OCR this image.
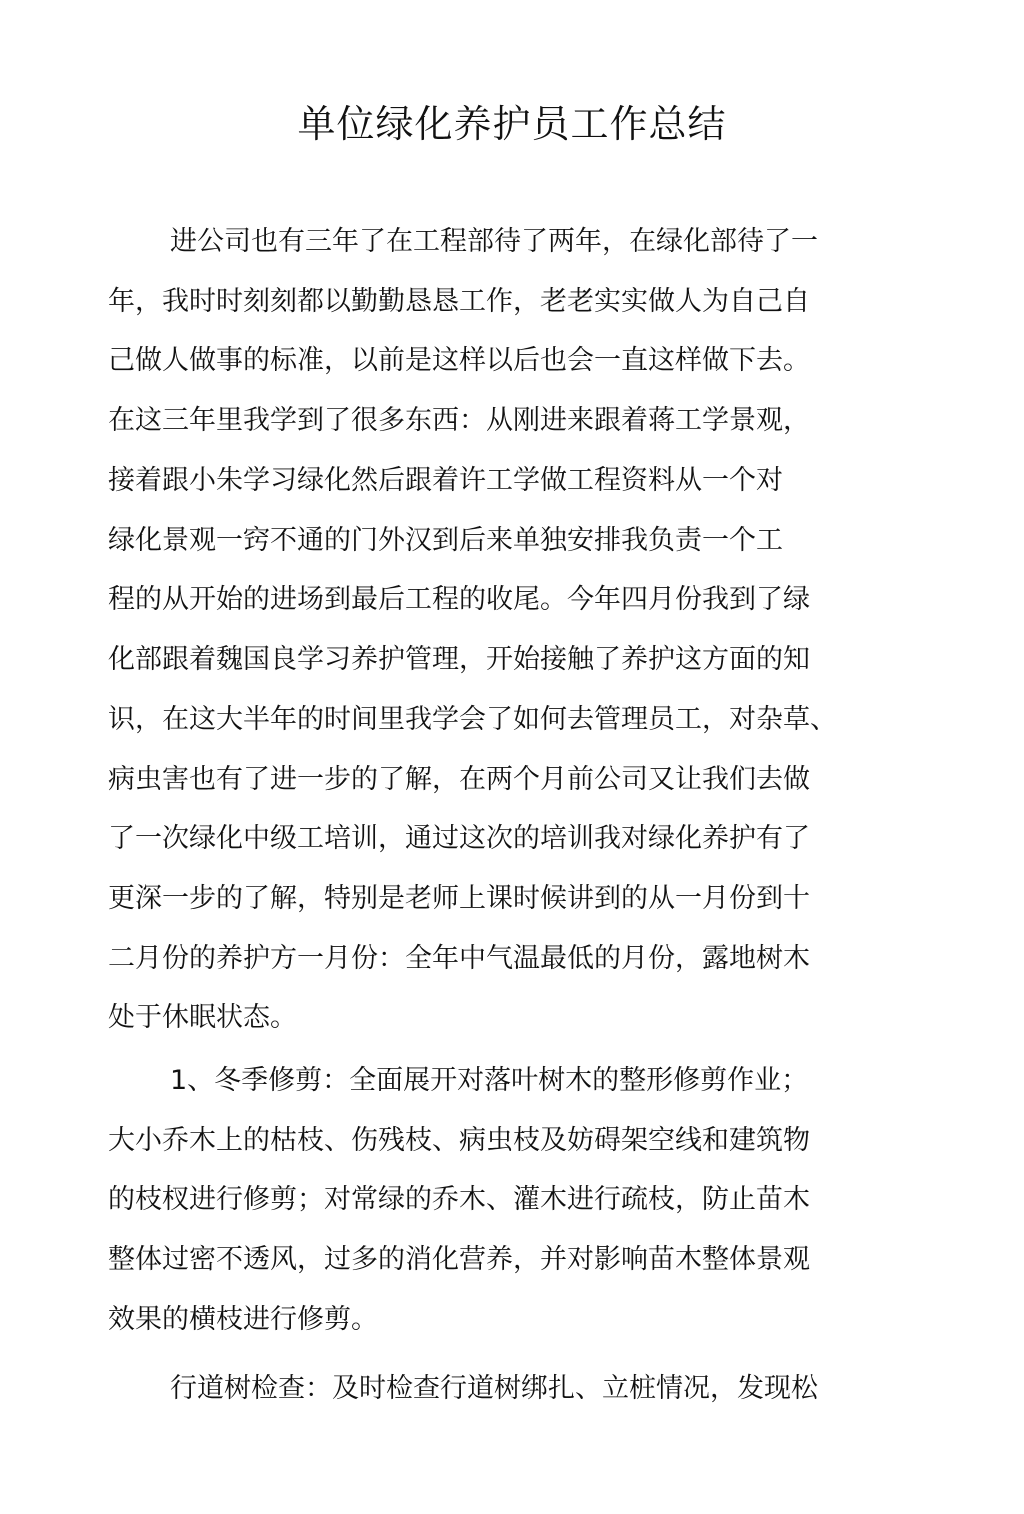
单位绿化养护员工作总结

进公司也有三年了在工程部待了两年，在绿化部待了一

年，我时时刻刻都以勤勤恳恳工作，老老实实做人为自己自

己做人做事的标准，以前是这样以后也会一直这样做下去。

在这三年里我学到了很多东西：从刚进来跟着蒋工学景观，

接着跟小朱学习绿化然后跟着许工学做工程资料从一个对

绿化景观一窍不通的门外汉到后来单独安排我负责一个工

程的从开始的进场到最后工程的收尾。今年四月份我到了绿

化部跟着魏国良学习养护管理，开始接触了养护这方面的知

识，在这大半年的时间里我学会了如何去管理员工，对杂草、

病虫害也有了进一步的了解，在两个月前公司又让我们去做

了一次绿化中级工培训，通过这次的培训我对绿化养护有了

更深一步的了解，特别是老师上课时候讲到的从一月份到十

二月份的养护方一月份：全年中气温最低的月份，露地树木

处于休眠状态。

1、冬季修剪：全面展开对落叶树木的整形修剪作业；

大小乔木上的枯枝、伤残枝、病虫枝及妨碍架空线和建筑物

的枝杈进行修剪；对常绿的乔木、灌木进行疏枝，防止苗木

整体过密不透风，过多的消化营养，并对影响苗木整体景观

效果的横枝进行修剪。

行道树检查：及时检查行道树绑扎、立桩情况，发现松
